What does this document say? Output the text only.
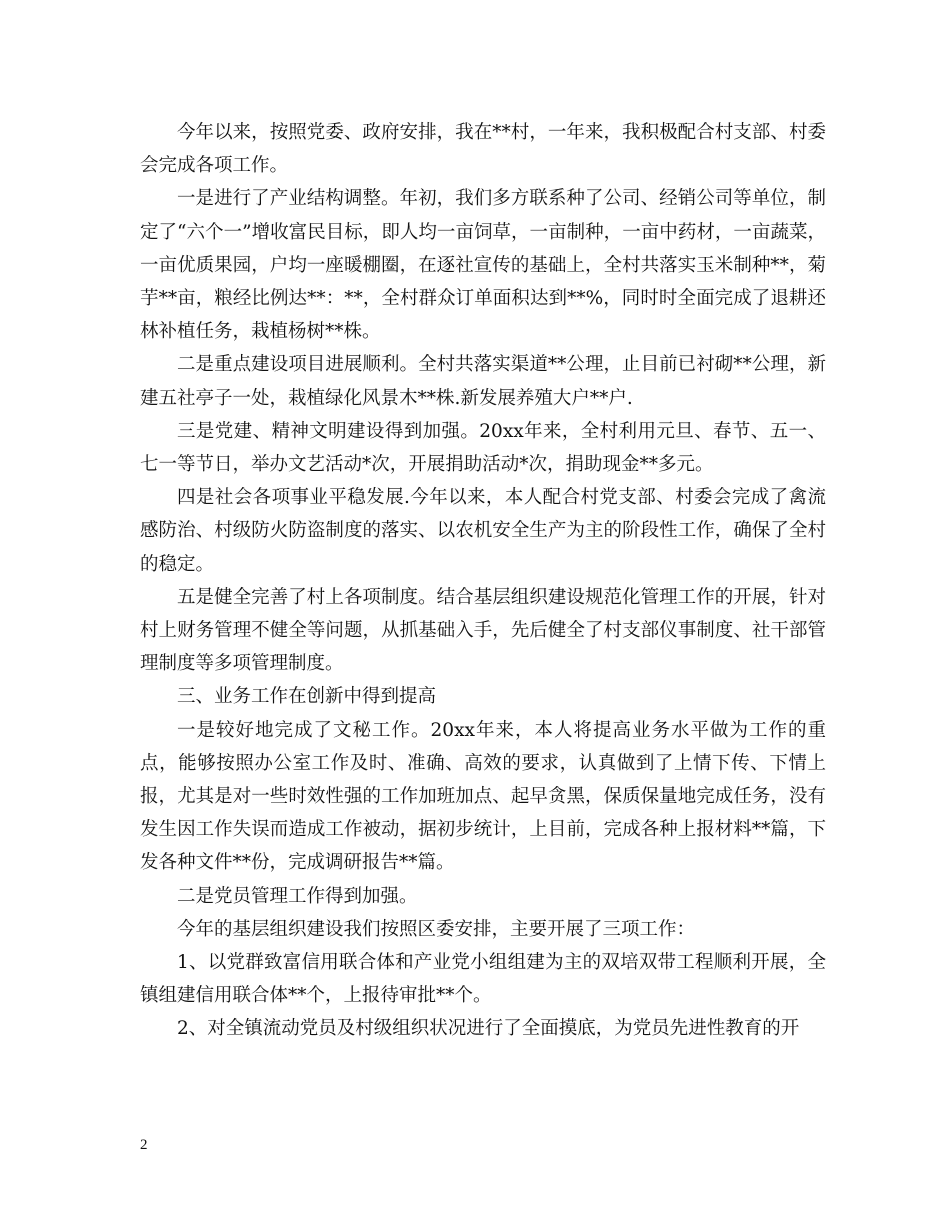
今年以来，按照党委、政府安排，我在**村，一年来，我积极配合村支部、村委会完成各项工作。

一是进行了产业结构调整。年初，我们多方联系种了公司、经销公司等单位，制定了“六个一”增收富民目标，即人均一亩饲草，一亩制种，一亩中药材，一亩蔬菜，一亩优质果园，户均一座暖棚圈，在逐社宣传的基础上，全村共落实玉米制种**，菊芋**亩，粮经比例达**：**，全村群众订单面积达到**%，同时时全面完成了退耕还林补植任务，栽植杨树**株。

二是重点建设项目进展顺利。全村共落实渠道**公理，止目前已衬砌**公理，新建五社亭子一处，栽植绿化风景木**株.新发展养殖大户**户.

三是党建、精神文明建设得到加强。20xx年来，全村利用元旦、春节、五一、七一等节日，举办文艺活动*次，开展捐助活动*次，捐助现金**多元。

四是社会各项事业平稳发展.今年以来，本人配合村党支部、村委会完成了禽流感防治、村级防火防盗制度的落实、以农机安全生产为主的阶段性工作，确保了全村的稳定。

五是健全完善了村上各项制度。结合基层组织建设规范化管理工作的开展，针对村上财务管理不健全等问题，从抓基础入手，先后健全了村支部仪事制度、社干部管理制度等多项管理制度。

三、业务工作在创新中得到提高

一是较好地完成了文秘工作。20xx年来，本人将提高业务水平做为工作的重点，能够按照办公室工作及时、准确、高效的要求，认真做到了上情下传、下情上报，尤其是对一些时效性强的工作加班加点、起早贪黑，保质保量地完成任务，没有发生因工作失误而造成工作被动，据初步统计，上目前，完成各种上报材料**篇，下发各种文件**份，完成调研报告**篇。

二是党员管理工作得到加强。

今年的基层组织建设我们按照区委安排，主要开展了三项工作：

1、以党群致富信用联合体和产业党小组组建为主的双培双带工程顺利开展，全镇组建信用联合体**个，上报待审批**个。

2、对全镇流动党员及村级组织状况进行了全面摸底，为党员先进性教育的开

2
